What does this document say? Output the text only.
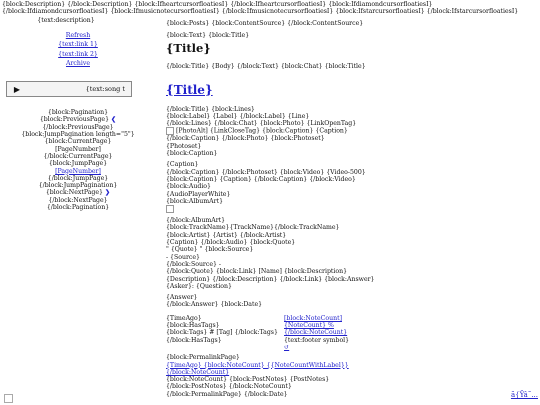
{block:Description} {/block:Description} {block:IfheartcursorfloatiesI} {/block:IfheartcursorfloatiesI} {block:IfdiamondcursorfloatiesI} {/block:IfdiamondcursorfloatiesI} {block:IfmusicnotecursorfloatiesI} {/block:IfmusicnotecursorfloatiesI} {block:IfstarcursorfloatiesI} {/block:IfstarcursorfloatiesI}
{text:description}
Refresh
{text:link 1}
{text:link 2}
Archive
▶	{text:song t
{block:Pagination}
{block:PreviousPage} ❮
{/block:PreviousPage}
{block:JumpPagination length="5"}
{block:CurrentPage}
[PageNumber]
{/block:CurrentPage}
{block:JumpPage}
[PageNumber]
{/block:JumpPage}
{/block:JumpPagination}
{block:NextPage} ❯
{/block:NextPage}
{/block:Pagination}
{block:Posts} {block:ContentSource} {/block:ContentSource}
{block:Text} {block:Title}
{Title}
{/block:Title} {Body} {/block:Text} {block:Chat} {block:Title}
{Title}
{/block:Title} {block:Lines}
{block:Label} {Label} {/block:Label} {Line}
{/block:Lines} {/block:Chat} {block:Photo} {LinkOpenTag}
[PhotoAlt] {LinkCloseTag} {block:Caption} {Caption}
{/block:Caption} {/block:Photo} {block:Photoset}
{Photoset}
{block:Caption}
{Caption}
{/block:Caption} {/block:Photoset} {block:Video} {Video-500}
{block:Caption} {Caption} {/block:Caption} {/block:Video}
{block:Audio}
{AudioPlayerWhite}
{block:AlbumArt}
{/block:AlbumArt}
{block:TrackName}{TrackName}{/block:TrackName}
{block:Artist} {Artist} {/block:Artist}
{Caption} {/block:Audio} {block:Quote}
" {Quote} " {block:Source}
- {Source}
{/block:Source} -
{/block:Quote} {block:Link} [Name] {block:Description}
{Description} {/block:Description} {/block:Link} {block:Answer}
{Asker}: {Question}
{Answer}
{/block:Answer} {block:Date}
{TimeAgo}
{block:HasTags}
{block:Tags} # [Tag] {/block:Tags}
{/block:HasTags}
[block:NoteCount]
{NoteCount} %
{/block:NoteCount}
{text:footer symbol}
↺
{block:PermalinkPage}
{TimeAgo} {block:NoteCount} {{NoteCountWithLabel}}
{/block:NoteCount}
{block:NoteCount} {block:PostNotes} {PostNotes}
{/block:PostNotes} {/block:NoteCount}
{/block:PermalinkPage} {/block:Date}	ã{Ÿâ˜...
